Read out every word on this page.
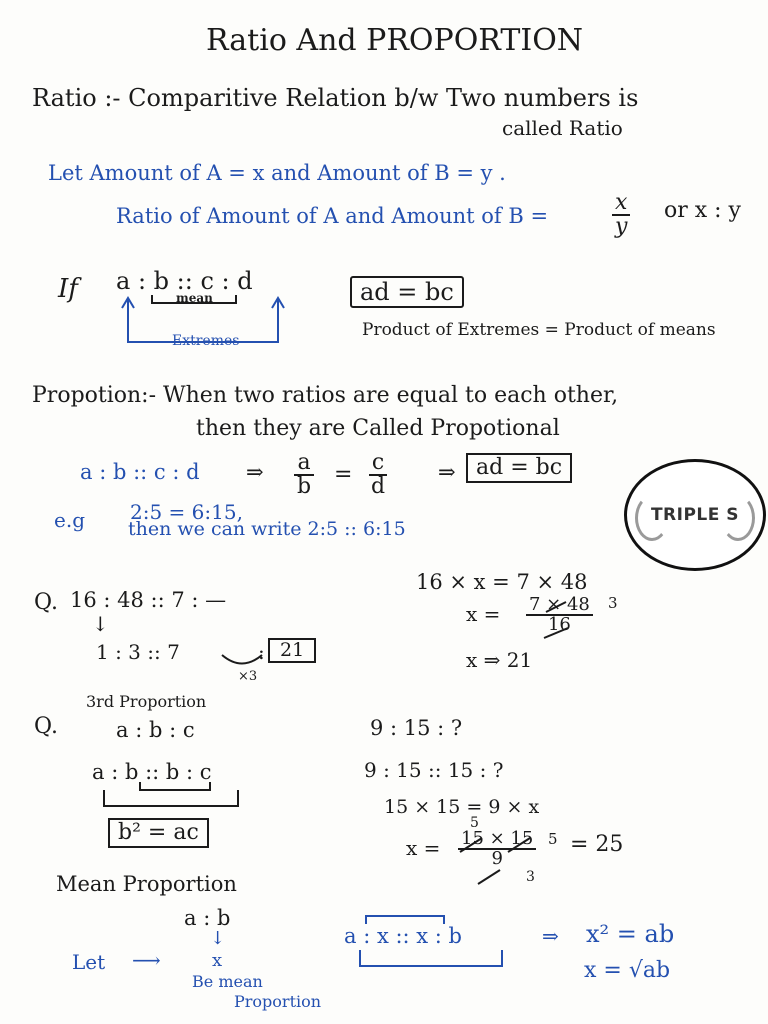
Ratio And PROPORTION
Ratio :- Comparitive Relation b/w Two numbers is
called Ratio
Let Amount of A = x and Amount of B = y .
Ratio of Amount of A and Amount of B =	$\frac{x}{y}$ or x : y
If a : b :: c : d
mean
Extremes
ad = bc
Product of Extremes = Product of means
Propotion:- When two ratios are equal to each other,
then they are Called Propotional
a : b :: c : d ⇒ $\frac{a}{b} = \frac{c}{d}$ ⇒ ad = bc
e.g 2:5 = 6:15,
then we can write 2:5 :: 6:15
TRIPLE S
Q. 16 : 48 :: 7 : —
↓
1 : 3 :: 7	: 21
×3
16 × x = 7 × 48
$x = \frac{7 \times 48}{16} 3$
x ⇒ 21
Q.
3rd Proportion
a : b : c
a : b :: b : c
b² = ac
9 : 15 : ?
9 : 15 :: 15 : ?
15 × 15 = 9 × x
$x = \frac{15 \times 15}{9}$
5
5
3
= 25
Mean Proportion
a : b
↓
x
Let ⟶
Be mean
Proportion
a : x :: x : b	⇒ x² = ab
x = √ab
